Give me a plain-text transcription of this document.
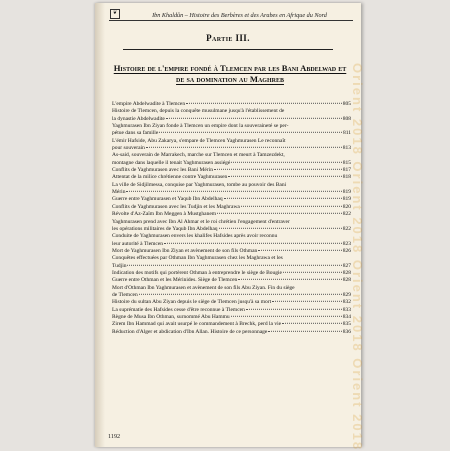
❦	Ibn Khaldûn – Histoire des Berbères et des Arabes en Afrique du Nord
Partie III.
Histoire de l'empire fondé à Tlemcen par les Bani Abdelwad et de sa domination au Maghreb
L'empire Abdelwadite à Tlemcen	805
Histoire de Tlemcen, depuis la conquête musulmane jusqu'à l'établissement de
la dynastie Abdelwadite	808
Yaghmurasen Ibn Ziyan fonde à Tlemcen un empire dont la souveraineté se per-
pétue dans sa famille	811
L'émir Hafside, Abu Zakarya, s'empare de Tlemcen Yaghmurasen Le reconnaît
pour souverain	813
As-said, souverain de Marrakech, marche sur Tlemcen et meurt à Tamzezdekt,
montagne dans laquelle il tenait Yaghmurasen assiégé	815
Conflits de Yaghmurasen avec les Bani Mérin	817
Attentat de la milice chrétienne contre Yaghmurasen	818
La ville de Sidjilmessa, conquise par Yaghmurasen, tombe au pouvoir des Bani
Mérin	819
Guerre entre Yaghmurasen et Yaqub Ibn Abdelhaq	819
Conflits de Yaghmurasen avec les Tudjin et les Maghrawa	820
Révolte d'Az-Zaïm Ibn Meggen à Mustghanem	822
Yaghmurasen prend avec Ibn Al Ahmar et le roi chrétien l'engagement d'entraver
les opérations militaires de Yaqub Ibn Abdelhaq	822
Conduite de Yaghmurasen envers les khalifes Hafsides après avoir reconnu
leur autorité à Tlemcen	823
Mort de Yaghmurasen Ibn Ziyan et avènement de son fils Othman	826
Conquêtes effectuées par Othman Ibn Yaghmurasen chez les Maghrawa et les
Tudjin	827
Indication des motifs qui portèrent Othman à entreprendre le siège de Bougie	828
Guerre entre Othman et les Mérinides. Siège de Tlemcen	828
Mort d'Othman Ibn Yaghmurasen et avènement de son fils Abu Ziyan. Fin du siège
de Tlemcen	829
Histoire du sultan Abu Ziyan depuis le siège de Tlemcen jusqu'à sa mort	832
La suprématie des Hafsides cesse d'être reconnue à Tlemcen	833
Règne de Musa Ibn Othman, surnommé Abu Hammu	834
Zirem Ibn Hammad qui avait usurpé le commandement à Brechk, perd la vie	835
Réduction d'Alger et abdication d'Ibn Allan. Histoire de ce personnage	836 Orient 2018 Orient 2018 Orient 2018 Orient 2018
1192
